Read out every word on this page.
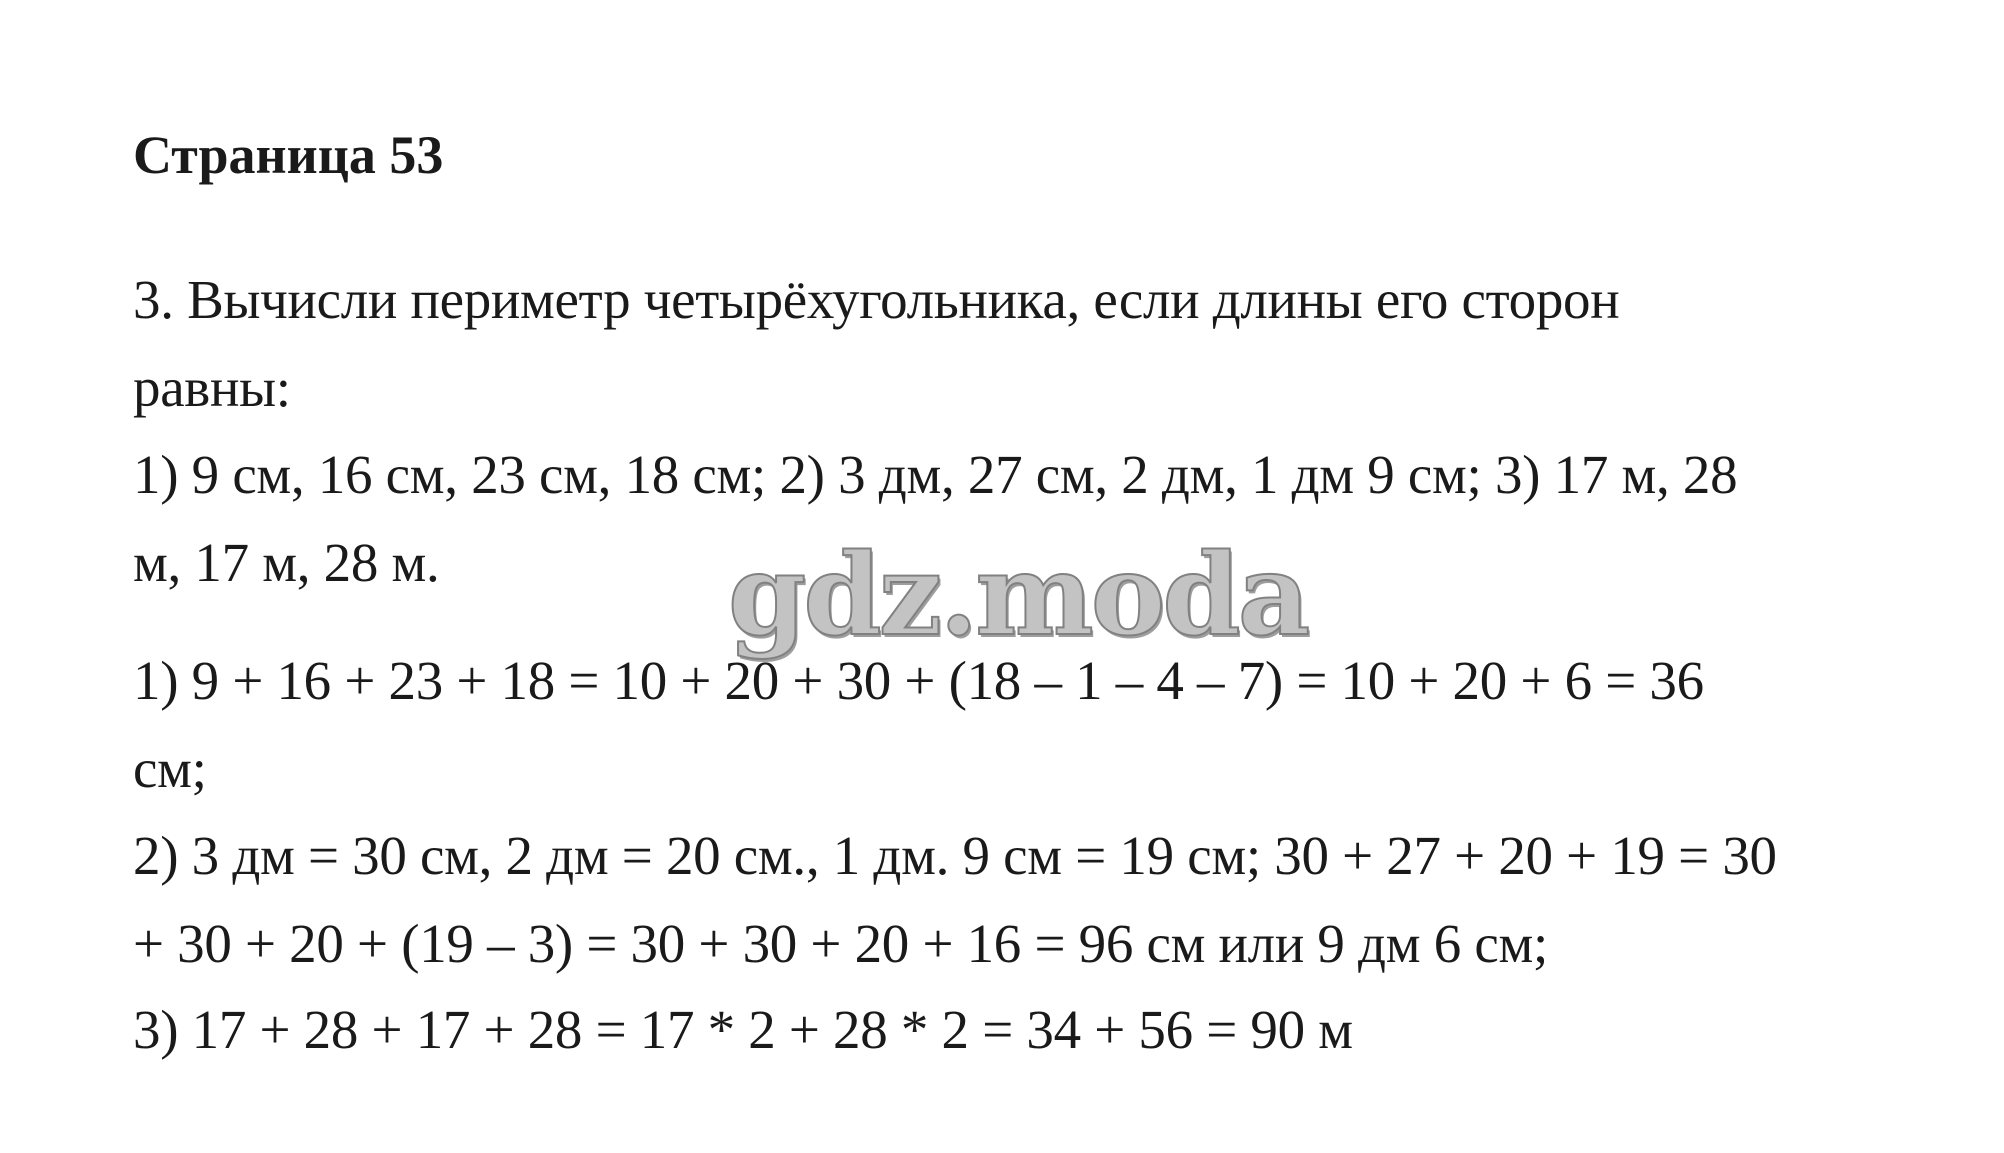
Страница 53
3. Вычисли периметр четырёхугольника, если длины его сторон
равны:
1) 9 см, 16 см, 23 см, 18 см; 2) 3 дм, 27 см, 2 дм, 1 дм 9 см; 3) 17 м, 28
м, 17 м, 28 м.	gdz.moda
1) 9 + 16 + 23 + 18 = 10 + 20 + 30 + (18 – 1 – 4 – 7) = 10 + 20 + 6 = 36
см;
2) 3 дм = 30 см, 2 дм = 20 см., 1 дм. 9 см = 19 см; 30 + 27 + 20 + 19 = 30
+ 30 + 20 + (19 – 3) = 30 + 30 + 20 + 16 = 96 см или 9 дм 6 см;
3) 17 + 28 + 17 + 28 = 17 * 2 + 28 * 2 = 34 + 56 = 90 м
